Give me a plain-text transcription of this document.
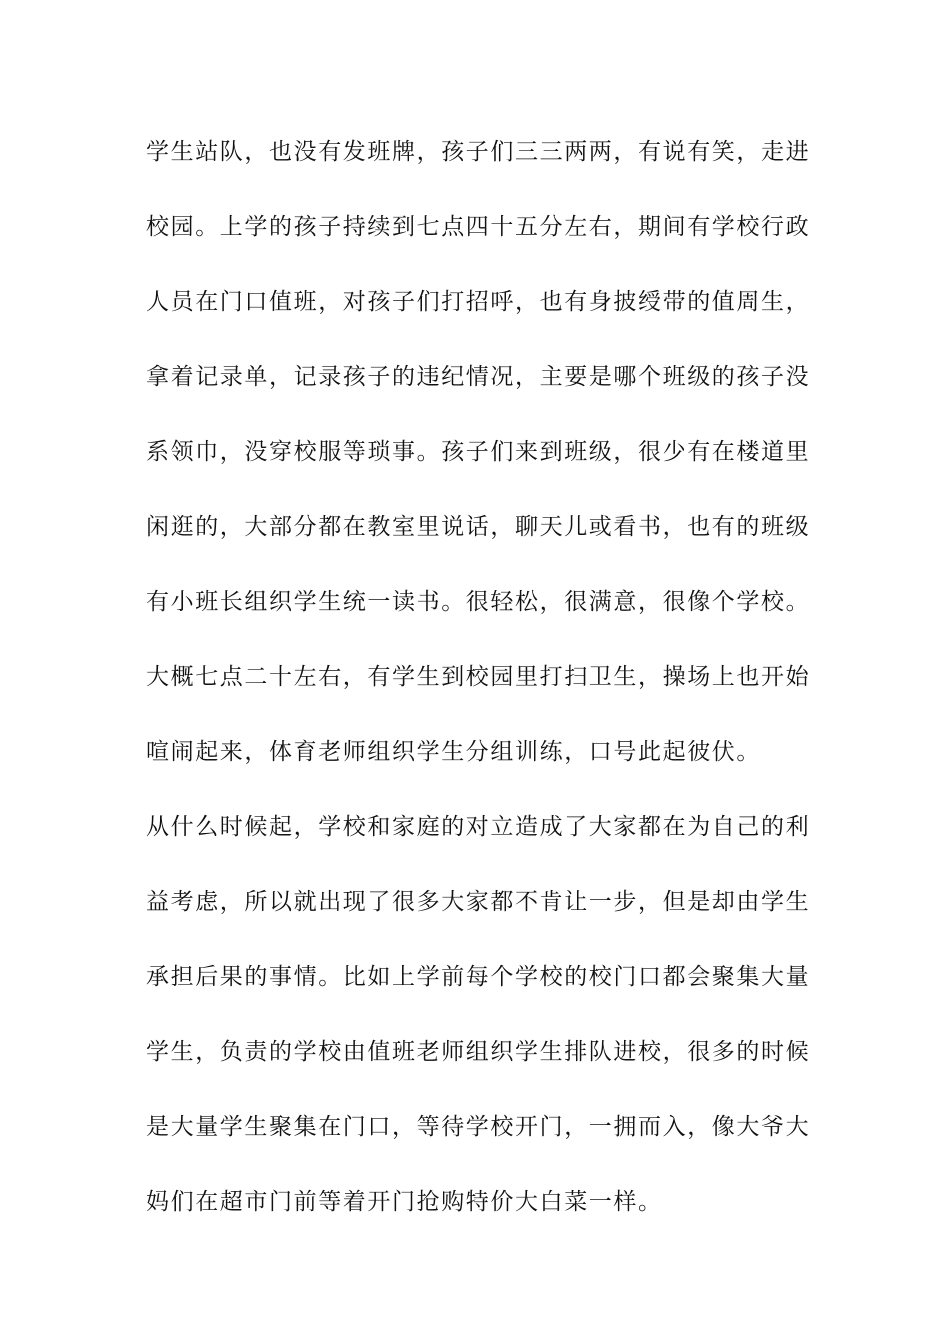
学生站队，也没有发班牌，孩子们三三两两，有说有笑，走进
校园。上学的孩子持续到七点四十五分左右，期间有学校行政
人员在门口值班，对孩子们打招呼，也有身披绶带的值周生，
拿着记录单，记录孩子的违纪情况，主要是哪个班级的孩子没
系领巾，没穿校服等琐事。孩子们来到班级，很少有在楼道里
闲逛的，大部分都在教室里说话，聊天儿或看书，也有的班级
有小班长组织学生统一读书。很轻松，很满意，很像个学校。
大概七点二十左右，有学生到校园里打扫卫生，操场上也开始
喧闹起来，体育老师组织学生分组训练，口号此起彼伏。
从什么时候起，学校和家庭的对立造成了大家都在为自己的利
益考虑，所以就出现了很多大家都不肯让一步，但是却由学生
承担后果的事情。比如上学前每个学校的校门口都会聚集大量
学生，负责的学校由值班老师组织学生排队进校，很多的时候
是大量学生聚集在门口，等待学校开门，一拥而入，像大爷大
妈们在超市门前等着开门抢购特价大白菜一样。
